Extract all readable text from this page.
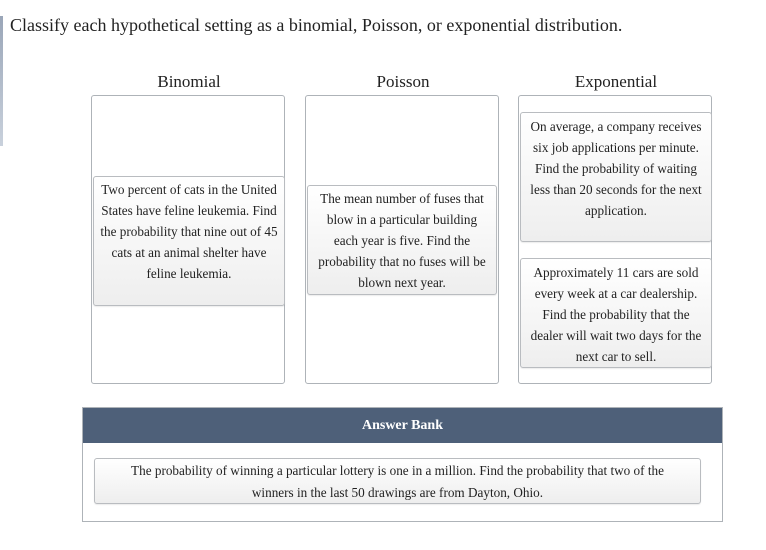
Classify each hypothetical setting as a binomial, Poisson, or exponential distribution.
Binomial	Poisson	Exponential
Two percent of cats in the United States have feline leukemia. Find the probability that nine out of 45 cats at an animal shelter have feline leukemia.
The mean number of fuses that blow in a particular building each year is five. Find the probability that no fuses will be blown next year.
On average, a company receives six job applications per minute. Find the probability of waiting less than 20 seconds for the next application.
Approximately 11 cars are sold every week at a car dealership. Find the probability that the dealer will wait two days for the next car to sell.
Answer Bank
The probability of winning a particular lottery is one in a million. Find the probability that two of the winners in the last 50 drawings are from Dayton, Ohio.
